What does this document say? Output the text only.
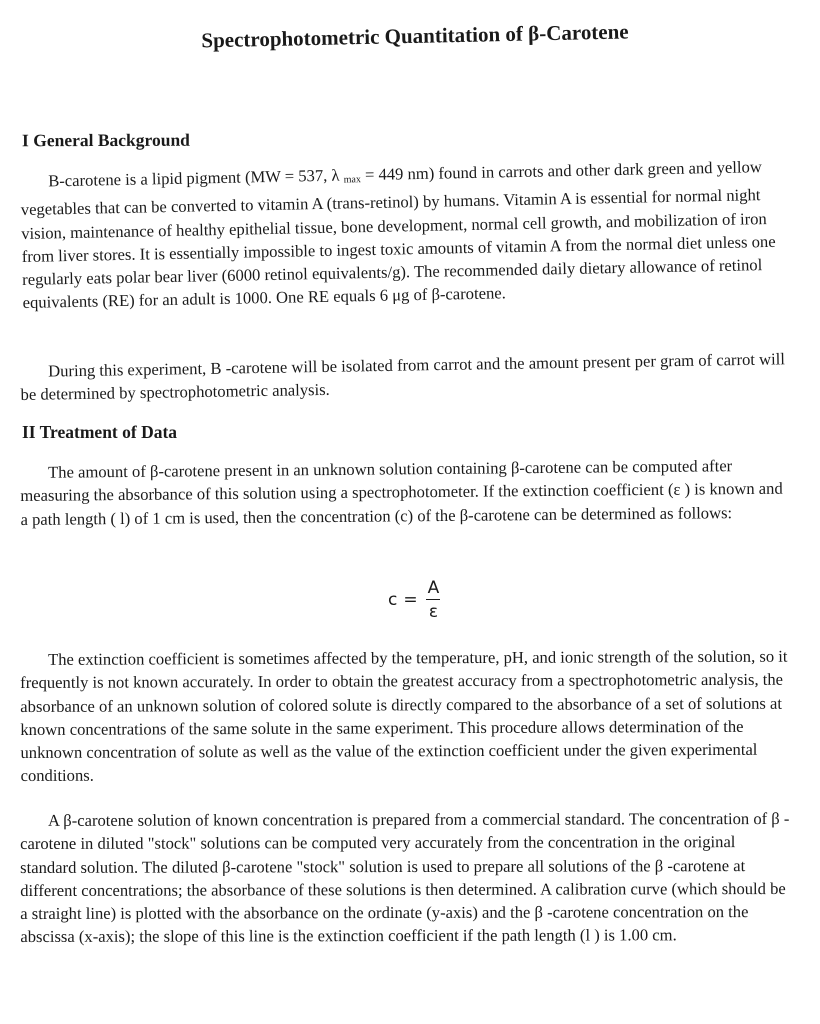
Spectrophotometric Quantitation of β-Carotene
I General Background

B-carotene is a lipid pigment (MW = 537, λ $_{max}$ = 449 nm) found in carrots and other dark green and yellow vegetables that can be converted to vitamin A (trans-retinol) by humans. Vitamin A is essential for normal night vision, maintenance of healthy epithelial tissue, bone development, normal cell growth, and mobilization of iron from liver stores. It is essentially impossible to ingest toxic amounts of vitamin A from the normal diet unless one regularly eats polar bear liver (6000 retinol equivalents/g). The recommended daily dietary allowance of retinol equivalents (RE) for an adult is 1000. One RE equals 6 μg of β-carotene.

During this experiment, B -carotene will be isolated from carrot and the amount present per gram of carrot will be determined by spectrophotometric analysis.

II Treatment of Data

The amount of β-carotene present in an unknown solution containing β-carotene can be computed after measuring the absorbance of this solution using a spectrophotometer. If the extinction coefficient (ε ) is known and a path length ( l) of 1 cm is used, then the concentration (c) of the β-carotene can be determined as follows:

$c = \frac{A}{\varepsilon}$

The extinction coefficient is sometimes affected by the temperature, pH, and ionic strength of the solution, so it frequently is not known accurately. In order to obtain the greatest accuracy from a spectrophotometric analysis, the absorbance of an unknown solution of colored solute is directly compared to the absorbance of a set of solutions at known concentrations of the same solute in the same experiment. This procedure allows determination of the unknown concentration of solute as well as the value of the extinction coefficient under the given experimental conditions.

A β-carotene solution of known concentration is prepared from a commercial standard. The concentration of β -carotene in diluted "stock" solutions can be computed very accurately from the concentration in the original standard solution. The diluted β-carotene "stock" solution is used to prepare all solutions of the β -carotene at different concentrations; the absorbance of these solutions is then determined. A calibration curve (which should be a straight line) is plotted with the absorbance on the ordinate (y-axis) and the β -carotene concentration on the abscissa (x-axis); the slope of this line is the extinction coefficient if the path length (l ) is 1.00 cm.
